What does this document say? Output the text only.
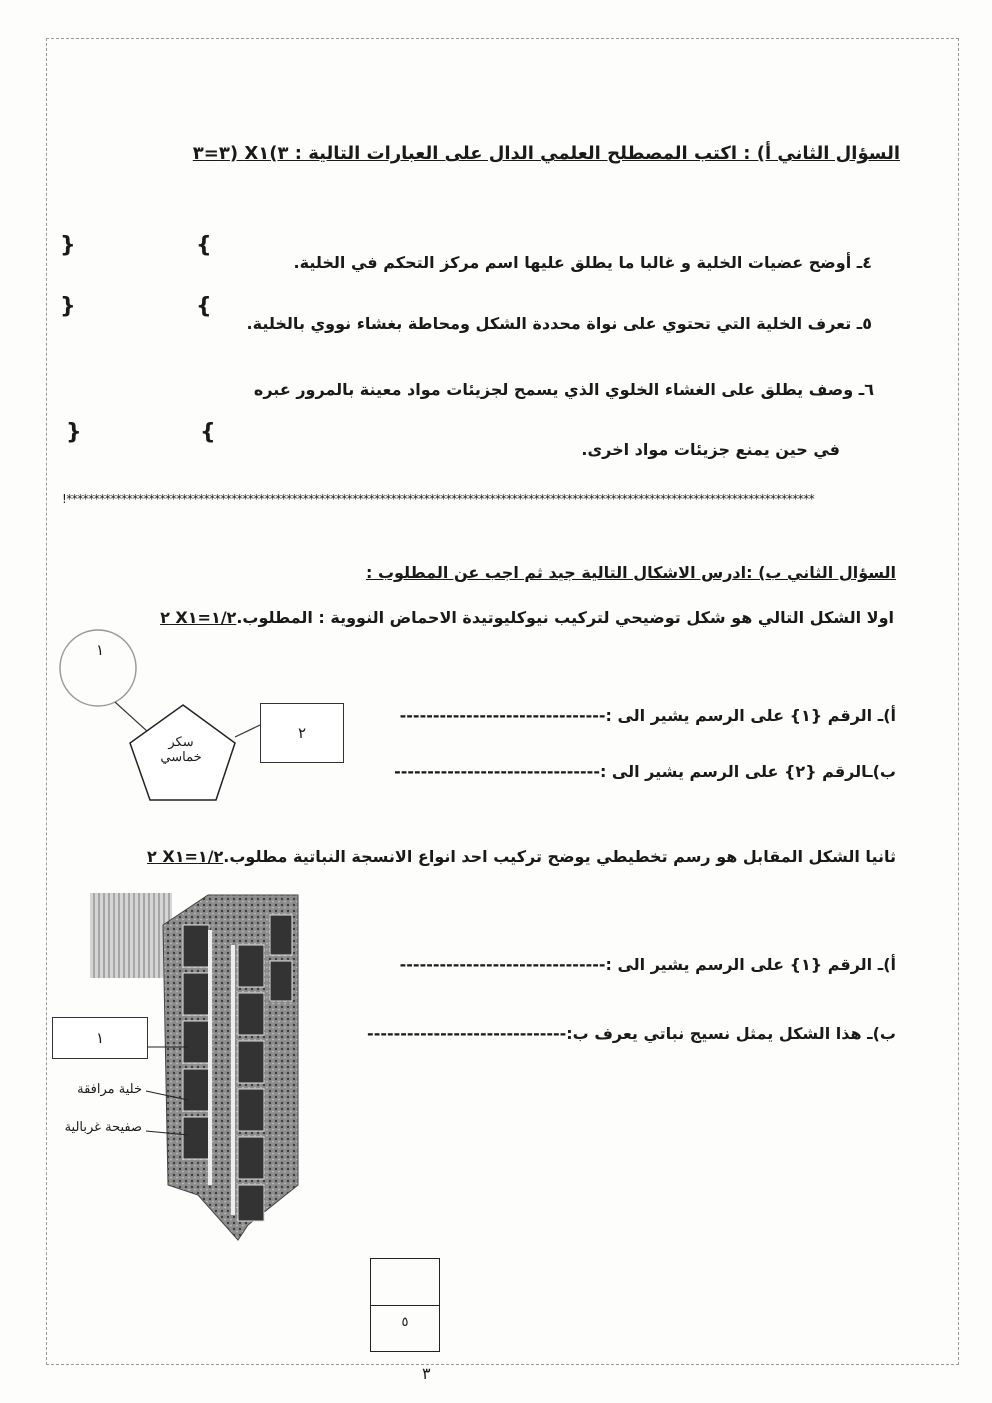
السؤال الثاني أ) : اكتب المصطلح العلمي الدال على العبارات التالية : ٣)X١ (٣=٣
٤ـ أوضح عضيات الخلية و غالبا ما يطلق عليها اسم مركز التحكم في الخلية.
{
}
٥ـ تعرف الخلية التي تحتوي على نواة محددة الشكل ومحاطة بغشاء نووي بالخلية.
{
}
٦ـ وصف يطلق على الغشاء الخلوي الذي يسمح لجزيئات مواد معينة بالمرور عبره
في حين يمنع جزيئات مواد اخرى.
{
}
!****************************************************************************************************************************************
السؤال الثاني ب) :ادرس الاشكال التالية جيد ثم اجب عن المطلوب :
اولا الشكل التالي هو شكل توضيحي لتركيب نيوكليوتيدة الاحماض النووية : المطلوب.
٢ X١/٢=١
١
٢
سكر خماسي
أ)ـ الرقم {١} على الرسم يشير الى :-
------------------------------
ب)ـالرقم {٢} على الرسم يشير الى :-
------------------------------
ثانيا الشكل المقابل هو رسم تخطيطي يوضح تركيب احد انواع الانسجة النباتية مطلوب.
٢ X١/٢=١
١
خلية مرافقة
صفيحة غربالية
أ)ـ الرقم {١} على الرسم يشير الى :-
------------------------------
ب)ـ هذا الشكل يمثل نسيج نباتي يعرف ب:
------------------------------
٥
٣
